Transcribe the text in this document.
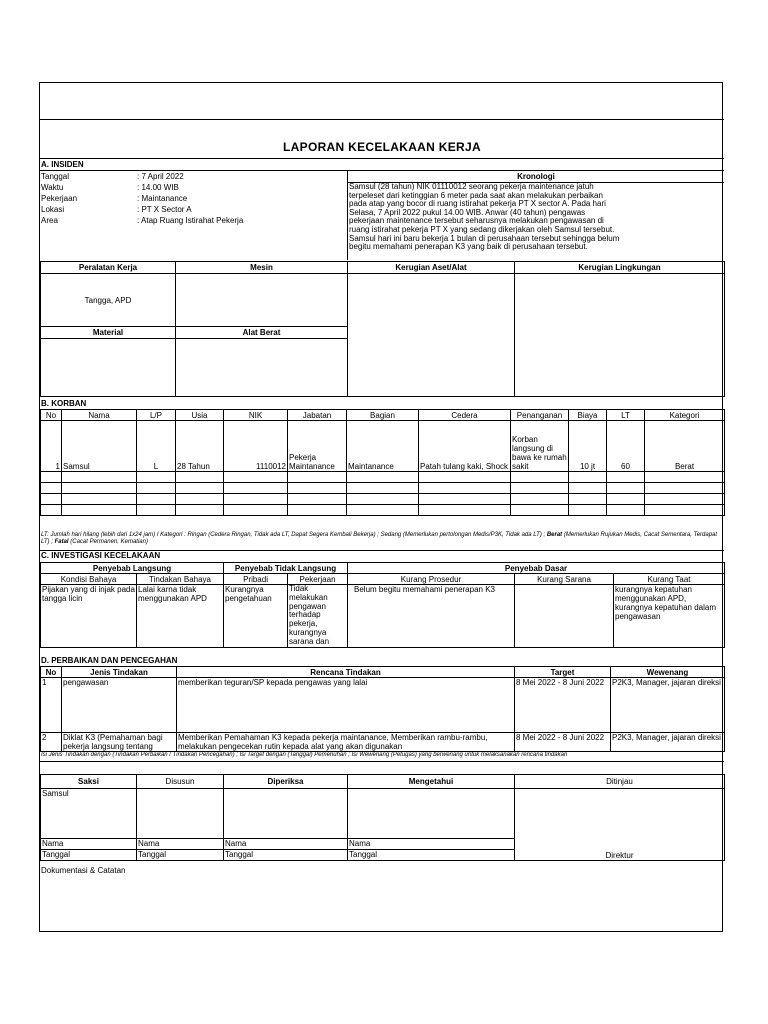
LAPORAN KECELAKAAN KERJA
A. INSIDEN
Tanggal	: 7 April 2022
Waktu	: 14.00 WIB
Pekerjaan	: Maintanance
Lokasi	: PT X Sector A
Area	: Atap Ruang Istirahat Pekerja
Kronologi
Samsul (28 tahun) NIK 01110012 seorang pekerja maintenance jatuh terpeleset dari ketinggian 6 meter pada saat akan melakukan perbaikan pada atap yang bocor di ruang istirahat pekerja PT X sector A. Pada hari Selasa, 7 April 2022 pukul 14.00 WIB. Anwar (40 tahun) pengawas pekerjaan maintenance tersebut seharusnya melakukan pengawasan di ruang istirahat pekerja PT X yang sedang dikerjakan oleh Samsul tersebut. Samsul hari ini baru bekerja 1 bulan di perusahaan tersebut sehingga belum begitu memahami penerapan K3 yang baik di perusahaan tersebut.
Peralatan Kerja	Mesin	Kerugian Aset/Alat	Kerugian Lingkungan
Tangga, APD			
Material	Alat Berat		

B. KORBAN
No	Nama	L/P	Usia	NIK	Jabatan	Bagian	Cedera	Penanganan	Biaya	LT	Kategori
1	Samsul	L	28 Tahun	1110012	Pekerja Maintanance	Maintanance	Patah tulang kaki, Shock	Korban langsung di bawa ke rumah sakit	10 jt	60	Berat

LT: Jumlah hari hilang (lebih dari 1x24 jam) I Kategori : Ringan (Cedera Ringan, Tidak ada LT, Dapat Segera Kembali Bekerja) ; Sedang (Memerlukan pertolongan Medis/P3K, Tidak ada LT) ; Berat (Memerlukan Rujukan Medis, Cacat Sementara, Terdapat LT) ; Fatal (Cacat Permanen, Kematian)
C. INVESTIGASI KECELAKAAN
Penyebab Langsung		Penyebab Tidak Langsung		Penyebab Dasar		
Kondisi Bahaya	Tindakan Bahaya	Pribadi	Pekerjaan	Kurang Prosedur	Kurang Sarana	Kurang Taat
Pijakan yang di injak pada tangga licin	Lalai karna tidak menggunakan APD	Kurangnya pengetahuan	Tidak melakukan pengawan terhadap pekerja, kurangnya sarana dan	Belum begitu memahami penerapan K3		kurangnya kepatuhan menggunakan APD, kurangnya kepatuhan dalam pengawasan
D. PERBAIKAN DAN PENCEGAHAN
No	Jenis Tindakan	Rencana Tindakan	Target	Wewenang
1	pengawasan	memberikan teguran/SP kepada pengawas yang lalai	8 Mei 2022 - 8 Juni 2022	P2K3, Manager, jajaran direksi
2	Diklat K3 (Pemahaman bagi pekerja langsung tentang	Memberikan Pemahaman K3 kepada pekerja maintanance, Memberikan rambu-rambu, melakukan pengecekan rutin kepada alat yang akan digunakan	8 Mei 2022 - 8 Juni 2022	P2K3, Manager, jajaran direksi
Isi Jenis Tindakan dengan (Tindakan Perbaikan / Tindakan Pencegahan) ; Isi Target dengan (Tanggal) Pemenuhan ; Isi Wewenang (Petugas) yang berwenang untuk melaksanakan rencana tindakan
Saksi	Disusun	Diperiksa	Mengetahui	Ditinjau
Samsul				Direktur
Nama	Nama	Nama	Nama	
Tanggal	Tanggal	Tanggal	Tanggal	
Dokumentasi & Catatan
